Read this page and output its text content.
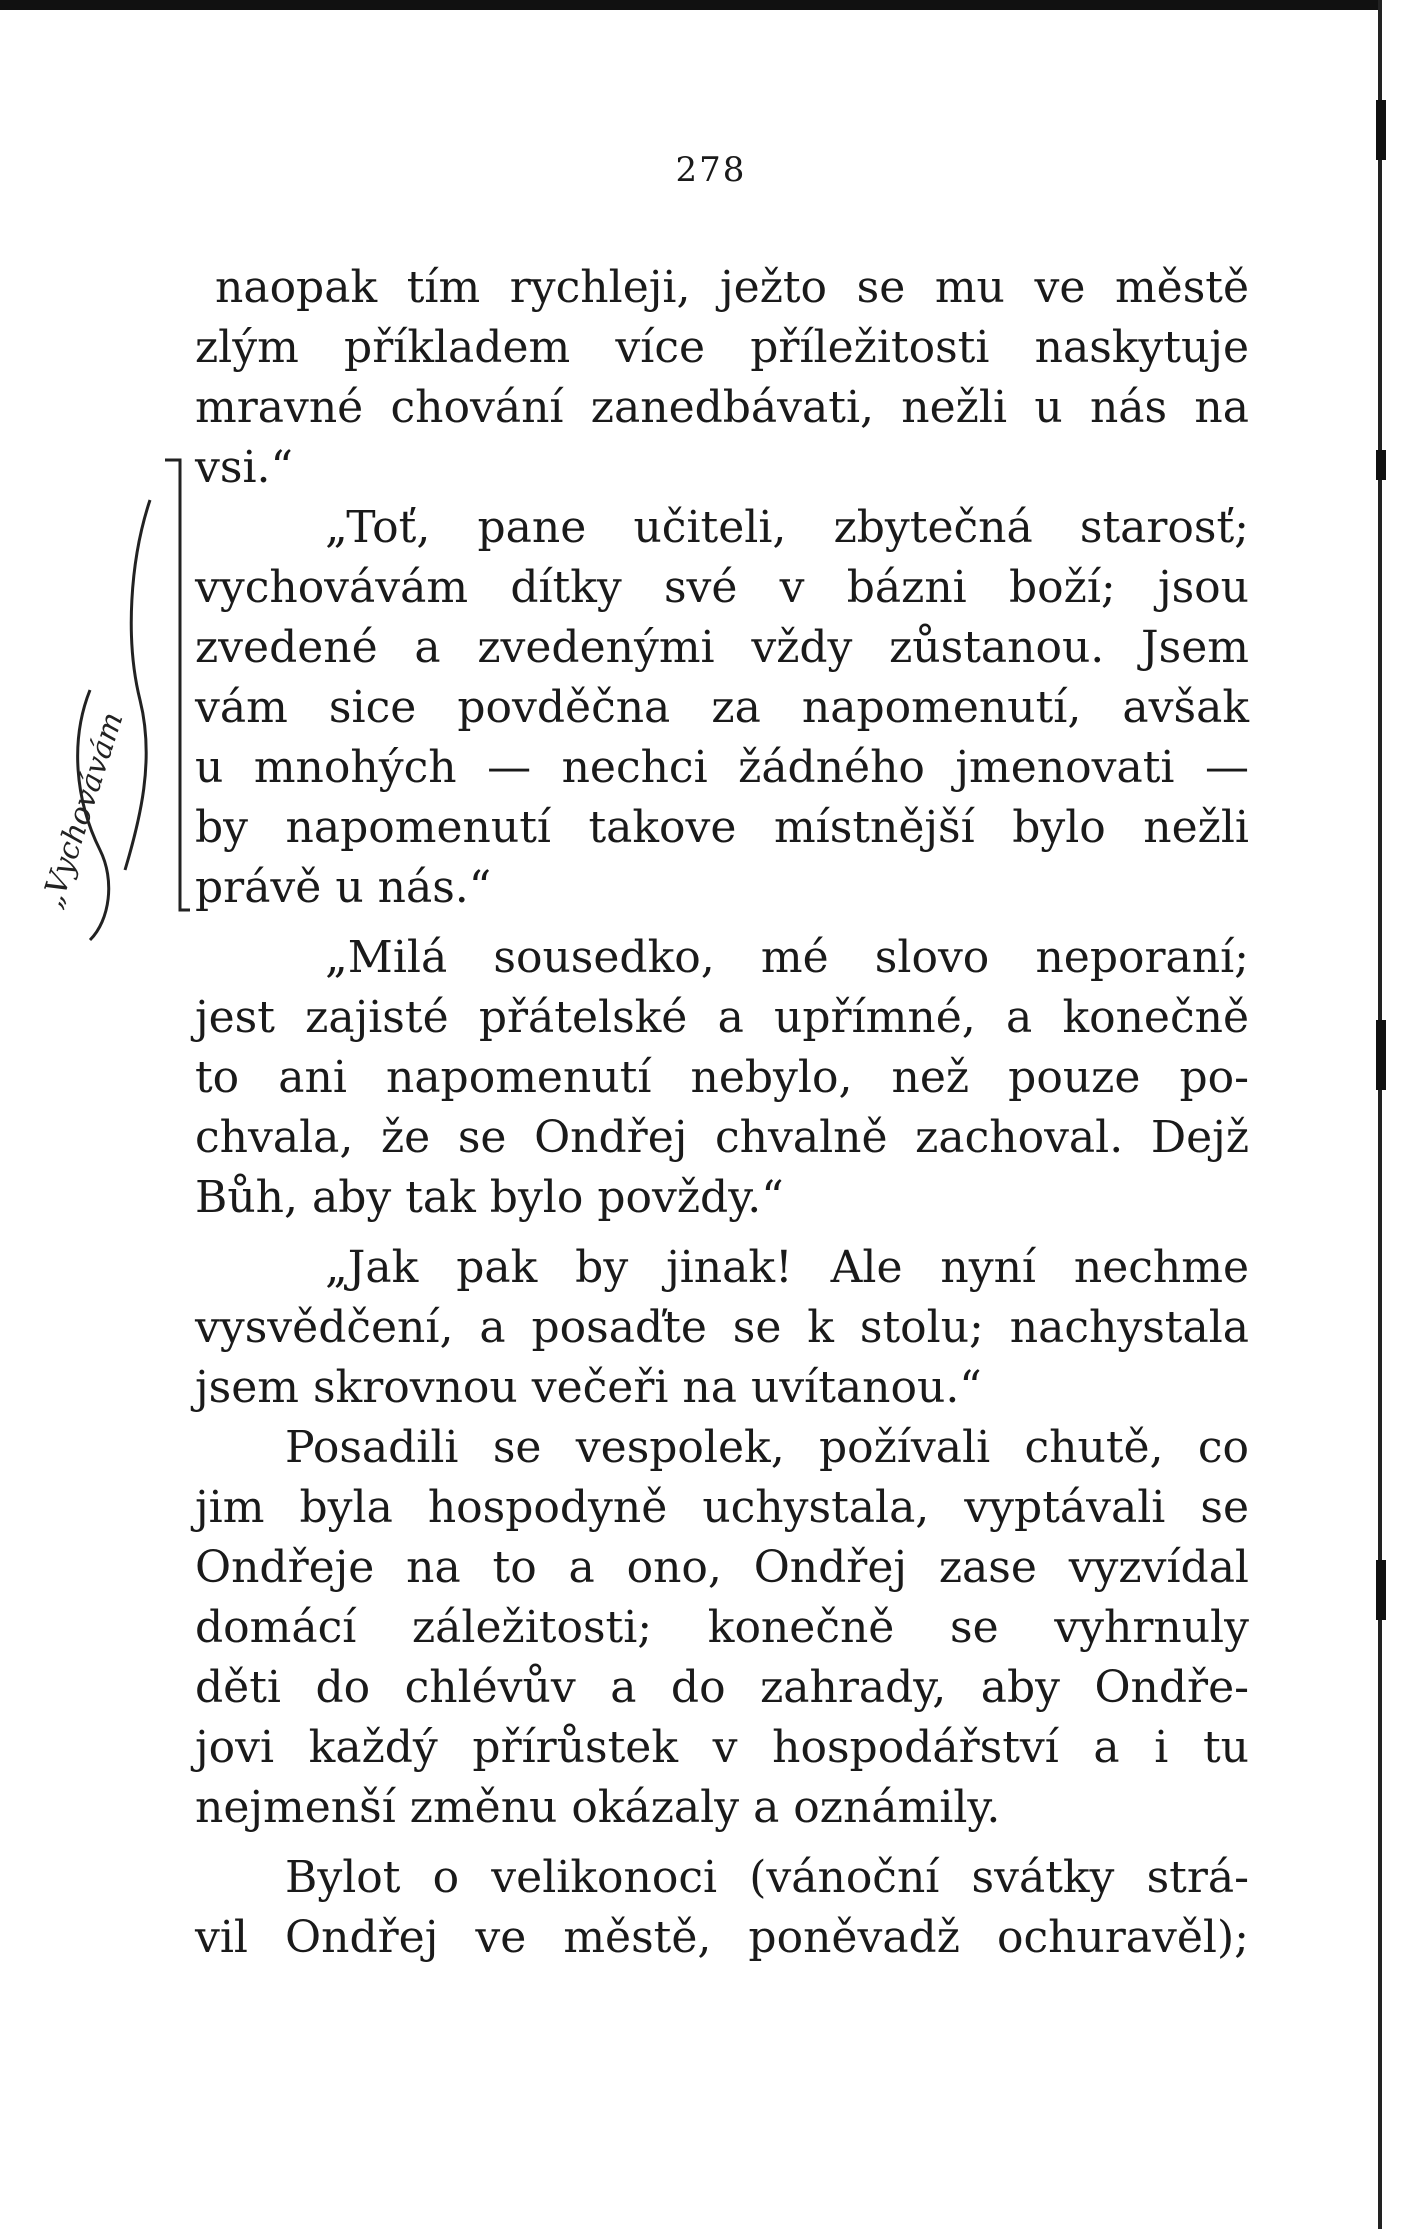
278
„Vychovávám
naopak tím rychleji, ježto se mu ve městě
zlým příkladem více příležitosti naskytuje
mravné chování zanedbávati, nežli u nás na
vsi.“
„Toť, pane učiteli, zbytečná starosť;
vychovávám dítky své v bázni boží; jsou
zvedené a zvedenými vždy zůstanou. Jsem
vám sice povděčna za napomenutí, avšak
u mnohých — nechci žádného jmenovati —
by napomenutí takove místnější bylo nežli
právě u nás.“
„Milá sousedko, mé slovo neporaní;
jest zajisté přátelské a upřímné, a konečně
to ani napomenutí nebylo, než pouze po-
chvala, že se Ondřej chvalně zachoval. Dejž
Bůh, aby tak bylo povždy.“
„Jak pak by jinak! Ale nyní nechme
vysvědčení, a posaďte se k stolu; nachystala
jsem skrovnou večeři na uvítanou.“
Posadili se vespolek, požívali chutě, co
jim byla hospodyně uchystala, vyptávali se
Ondřeje na to a ono, Ondřej zase vyzvídal
domácí záležitosti; konečně se vyhrnuly
děti do chlévův a do zahrady, aby Ondře-
jovi každý přírůstek v hospodářství a i tu
nejmenší změnu okázaly a oznámily.
Bylot o velikonoci (vánoční svátky strá-
vil Ondřej ve městě, poněvadž ochuravěl);
